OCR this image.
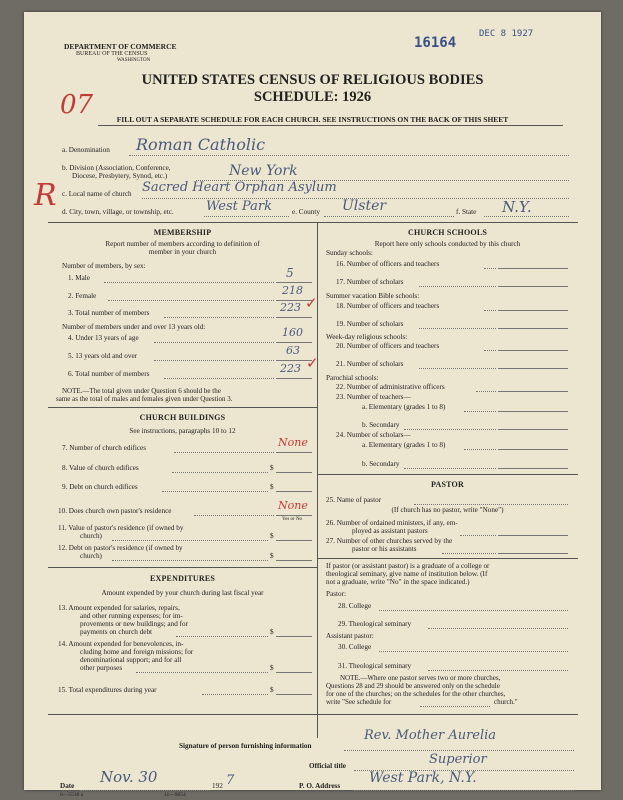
DEPARTMENT OF COMMERCE
BUREAU OF THE CENSUS
WASHINGTON
16164
DEC 8 1927
07
UNITED STATES CENSUS OF RELIGIOUS BODIES
SCHEDULE: 1926
FILL OUT A SEPARATE SCHEDULE FOR EACH CHURCH. SEE INSTRUCTIONS ON THE BACK OF THIS SHEET
a. Denomination Roman Catholic
b. Division (Association, Conference,
Diocese, Presbytery, Synod, etc.)	New York
c. Local name of church Sacred Heart Orphan Asylum
R d. City, town, village, or township, etc. West Park	e. County Ulster	f. State N.Y.
MEMBERSHIP
Report number of members according to definition of
member in your church
Number of members, by sex:
1. Male	5
2. Female	218
3. Total number of members	223 ✓
Number of members under and over 13 years old:
4. Under 13 years of age	160
5. 13 years old and over	63
6. Total number of members	223 ✓
NOTE.—The total given under Question 6 should be the
same as the total of males and females given under Question 3.
CHURCH BUILDINGS
See instructions, paragraphs 10 to 12
7. Number of church edifices	None
8. Value of church edifices	$
9. Debt on church edifices	$
10. Does church own pastor's residence	None
Yes or No
11. Value of pastor's residence (if owned by
church)	$
12. Debt on pastor's residence (if owned by
church)	$
EXPENDITURES
Amount expended by your church during last fiscal year
13. Amount expended for salaries, repairs,
and other running expenses; for im-
provements or new buildings; and for
payments on church debt	$
14. Amount expended for benevolences, in-
cluding home and foreign missions; for
denominational support; and for all
other purposes	$
15. Total expenditures during year	$
CHURCH SCHOOLS
Report here only schools conducted by this church
Sunday schools:
16. Number of officers and teachers
17. Number of scholars
Summer vacation Bible schools:
18. Number of officers and teachers
19. Number of scholars
Week-day religious schools:
20. Number of officers and teachers
21. Number of scholars
Parochial schools:
22. Number of administrative officers
23. Number of teachers—
a. Elementary (grades 1 to 8)
b. Secondary
24. Number of scholars—
a. Elementary (grades 1 to 8)
b. Secondary
PASTOR
25. Name of pastor
(If church has no pastor, write "None")
26. Number of ordained ministers, if any, em-
ployed as assistant pastors
27. Number of other churches served by the
pastor or his assistants
If pastor (or assistant pastor) is a graduate of a college or
theological seminary, give name of institution below. (If
not a graduate, write "No" in the space indicated.)
Pastor:
28. College
29. Theological seminary
Assistant pastor:
30. College
31. Theological seminary
NOTE.—Where one pastor serves two or more churches,
Questions 28 and 29 should be answered only on the schedule
for one of the churches; on the schedules for the other churches,
write "See schedule for	church."
Signature of person furnishing information
Rev. Mother Aurelia
Official title	Superior
Date Nov. 30	192 7	P. O. Address West Park, N.Y.
6—5518 a	11—9054
